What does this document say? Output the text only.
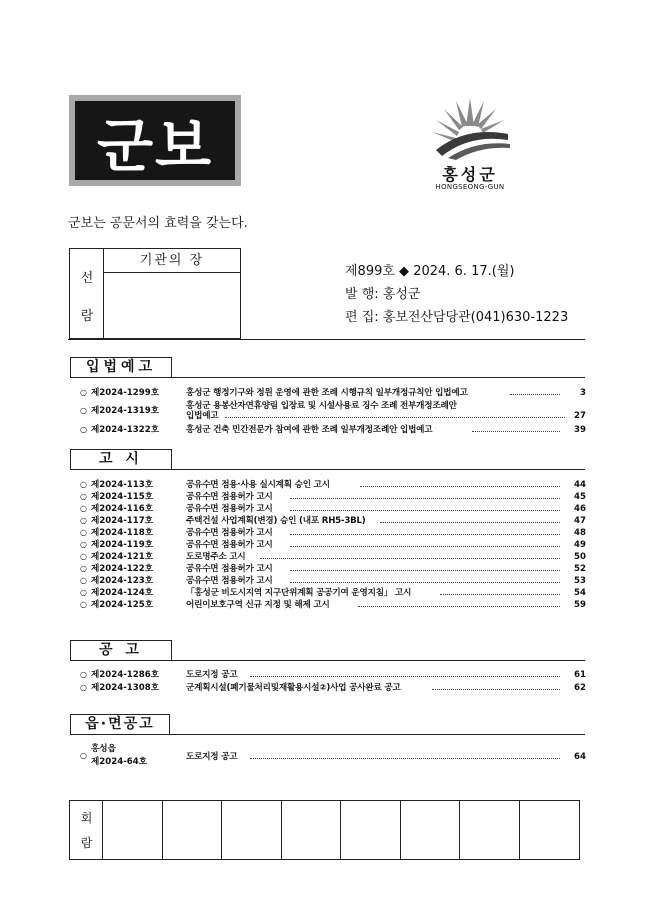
군보	홍성군
HONGSEONG-GUN
군보는 공문서의 효력을 갖는다.
선
람
기관의 장
제899호 ◆ 2024. 6. 17.(월)
발 행: 홍성군
편 집: 홍보전산담당관(041)630-1223
입법예고
○ 제2024-1299호	홍성군 행정기구와 정원 운영에 관한 조례 시행규칙 일부개정규칙안 입법예고	3
○ 제2024-1319호	홍성군 용봉산자연휴양림 입장료 및 시설사용료 징수 조례 전부개정조례안
입법예고	27
○ 제2024-1322호	홍성군 건축 민간전문가 참여에 관한 조례 일부개정조례안 입법예고	39
고 시
○ 제2024-113호	공유수면 점용·사용 실시계획 승인 고시	44
○ 제2024-115호	공유수면 점용허가 고시	45
○ 제2024-116호	공유수면 점용허가 고시	46
○ 제2024-117호	주택건설 사업계획(변경) 승인 (내포 RH5-3BL)	47
○ 제2024-118호	공유수면 점용허가 고시	48
○ 제2024-119호	공유수면 점용허가 고시	49
○ 제2024-121호	도로명주소 고시	50
○ 제2024-122호	공유수면 점용허가 고시	52
○ 제2024-123호	공유수면 점용허가 고시	53
○ 제2024-124호	「홍성군 비도시지역 지구단위계획 공공기여 운영지침」 고시	54
○ 제2024-125호	어린이보호구역 신규 지정 및 해제 고시	59
공 고
○ 제2024-1286호	도로지정 공고	61
○ 제2024-1308호	군계획시설(폐기물처리및재활용시설②)사업 공사완료 공고	62
읍·면공고
○
홍성읍
제2024-64호	도로지정 공고	64
회
람
